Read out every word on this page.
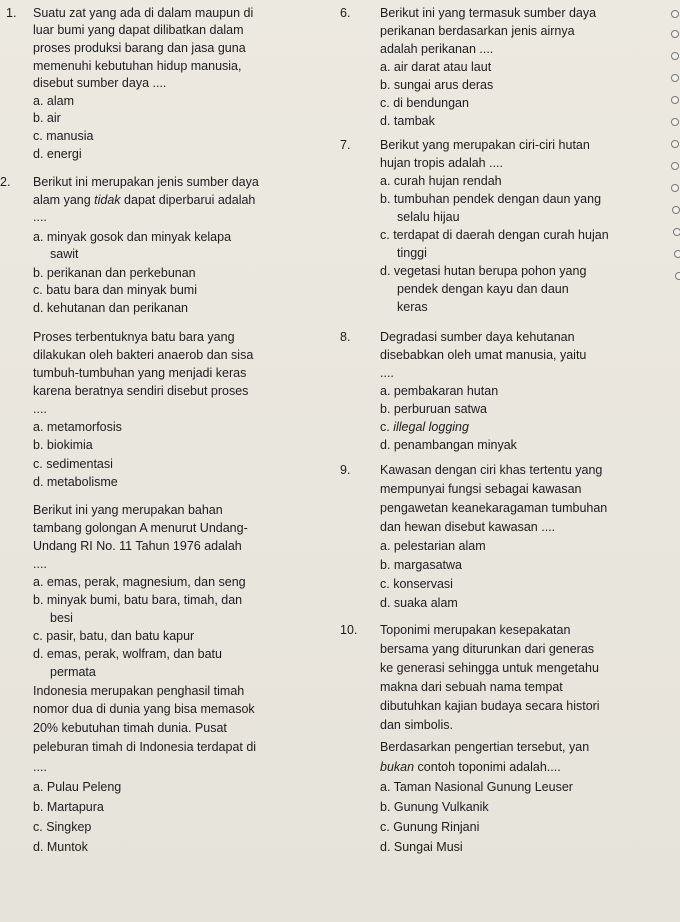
1. Suatu zat yang ada di dalam maupun di
luar bumi yang dapat dilibatkan dalam
proses produksi barang dan jasa guna
memenuhi kebutuhan hidup manusia,
disebut sumber daya ....
a. alam
b. air
c. manusia
d. energi
2. Berikut ini merupakan jenis sumber daya
alam yang tidak dapat diperbarui adalah
....
a. minyak gosok dan minyak kelapa
sawit
b. perikanan dan perkebunan
c. batu bara dan minyak bumi
d. kehutanan dan perikanan
Proses terbentuknya batu bara yang
dilakukan oleh bakteri anaerob dan sisa
tumbuh-tumbuhan yang menjadi keras
karena beratnya sendiri disebut proses
....
a. metamorfosis
b. biokimia
c. sedimentasi
d. metabolisme
Berikut ini yang merupakan bahan
tambang golongan A menurut Undang-
Undang RI No. 11 Tahun 1976 adalah
....
a. emas, perak, magnesium, dan seng
b. minyak bumi, batu bara, timah, dan
besi
c. pasir, batu, dan batu kapur
d. emas, perak, wolfram, dan batu
permata
Indonesia merupakan penghasil timah
nomor dua di dunia yang bisa memasok
20% kebutuhan timah dunia. Pusat
peleburan timah di Indonesia terdapat di
....
a. Pulau Peleng
b. Martapura
c. Singkep
d. Muntok
6. Berikut ini yang termasuk sumber daya
perikanan berdasarkan jenis airnya
adalah perikanan ....
a. air darat atau laut
b. sungai arus deras
c. di bendungan
d. tambak
7. Berikut yang merupakan ciri-ciri hutan
hujan tropis adalah ....
a. curah hujan rendah
b. tumbuhan pendek dengan daun yang
selalu hijau
c. terdapat di daerah dengan curah hujan
tinggi
d. vegetasi hutan berupa pohon yang
pendek dengan kayu dan daun
keras
8. Degradasi sumber daya kehutanan
disebabkan oleh umat manusia, yaitu
....
a. pembakaran hutan
b. perburuan satwa
c. illegal logging
d. penambangan minyak
9. Kawasan dengan ciri khas tertentu yang
mempunyai fungsi sebagai kawasan
pengawetan keanekaragaman tumbuhan
dan hewan disebut kawasan ....
a. pelestarian alam
b. margasatwa
c. konservasi
d. suaka alam
10. Toponimi merupakan kesepakatan
bersama yang diturunkan dari generas
ke generasi sehingga untuk mengetahu
makna dari sebuah nama tempat
dibutuhkan kajian budaya secara histori
dan simbolis.
Berdasarkan pengertian tersebut, yan
bukan contoh toponimi adalah....
a. Taman Nasional Gunung Leuser
b. Gunung Vulkanik
c. Gunung Rinjani
d. Sungai Musi
